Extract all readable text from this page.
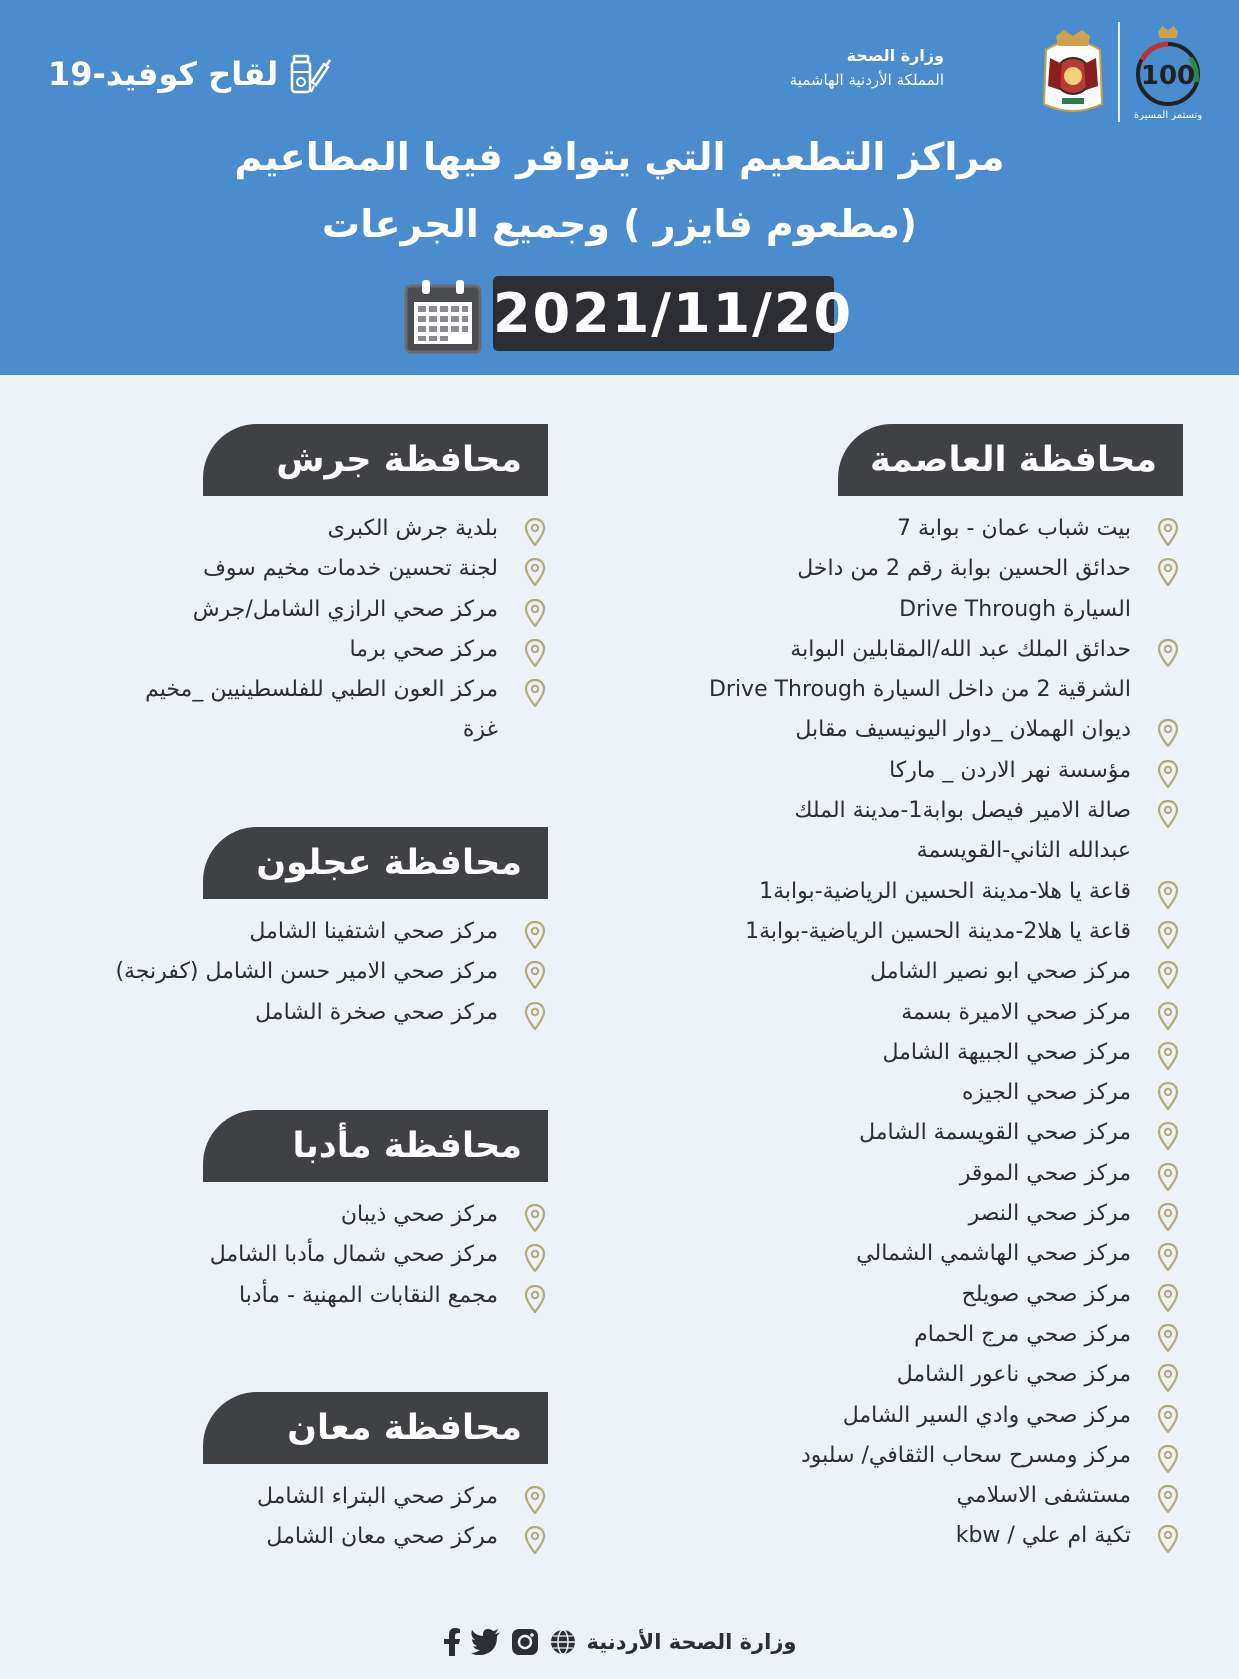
وزارة الصحة
المملكة الأردنية الهاشمية	100
وتستمر المسيرة
لقاح كوفيد-19
مراكز التطعيم التي يتوافر فيها المطاعيم
(مطعوم فايزر ) وجميع الجرعات
2021/11/20
محافظة العاصمة
محافظة جرش
محافظة عجلون
محافظة مأدبا
محافظة معان
بيت شباب عمان - بوابة 7
حدائق الحسين بوابة رقم 2 من داخل
السيارة Drive Through
حدائق الملك عبد الله/المقابلين البوابة
الشرقية 2 من داخل السيارة Drive Through
ديوان الهملان _دوار اليونيسيف مقابل
مؤسسة نهر الاردن _ ماركا
صالة الامير فيصل بوابة1-مدينة الملك
عبدالله الثاني-القويسمة
قاعة يا هلا-مدينة الحسين الرياضية-بوابة1
قاعة يا هلا2-مدينة الحسين الرياضية-بوابة1
مركز صحي ابو نصير الشامل
مركز صحي الاميرة بسمة
مركز صحي الجبيهة الشامل
مركز صحي الجيزه
مركز صحي القويسمة الشامل
مركز صحي الموقر
مركز صحي النصر
مركز صحي الهاشمي الشمالي
مركز صحي صويلح
مركز صحي مرج الحمام
مركز صحي ناعور الشامل
مركز صحي وادي السير الشامل
مركز ومسرح سحاب الثقافي/ سلبود
مستشفى الاسلامي
تكية ام علي / kbw
بلدية جرش الكبرى
لجنة تحسين خدمات مخيم سوف
مركز صحي الرازي الشامل/جرش
مركز صحي برما
مركز العون الطبي للفلسطينيين _مخيم
غزة
مركز صحي اشتفينا الشامل
مركز صحي الامير حسن الشامل (كفرنجة)
مركز صحي صخرة الشامل
مركز صحي ذيبان
مركز صحي شمال مأدبا الشامل
مجمع النقابات المهنية - مأدبا
مركز صحي البتراء الشامل
مركز صحي معان الشامل
وزارة الصحة الأردنية
